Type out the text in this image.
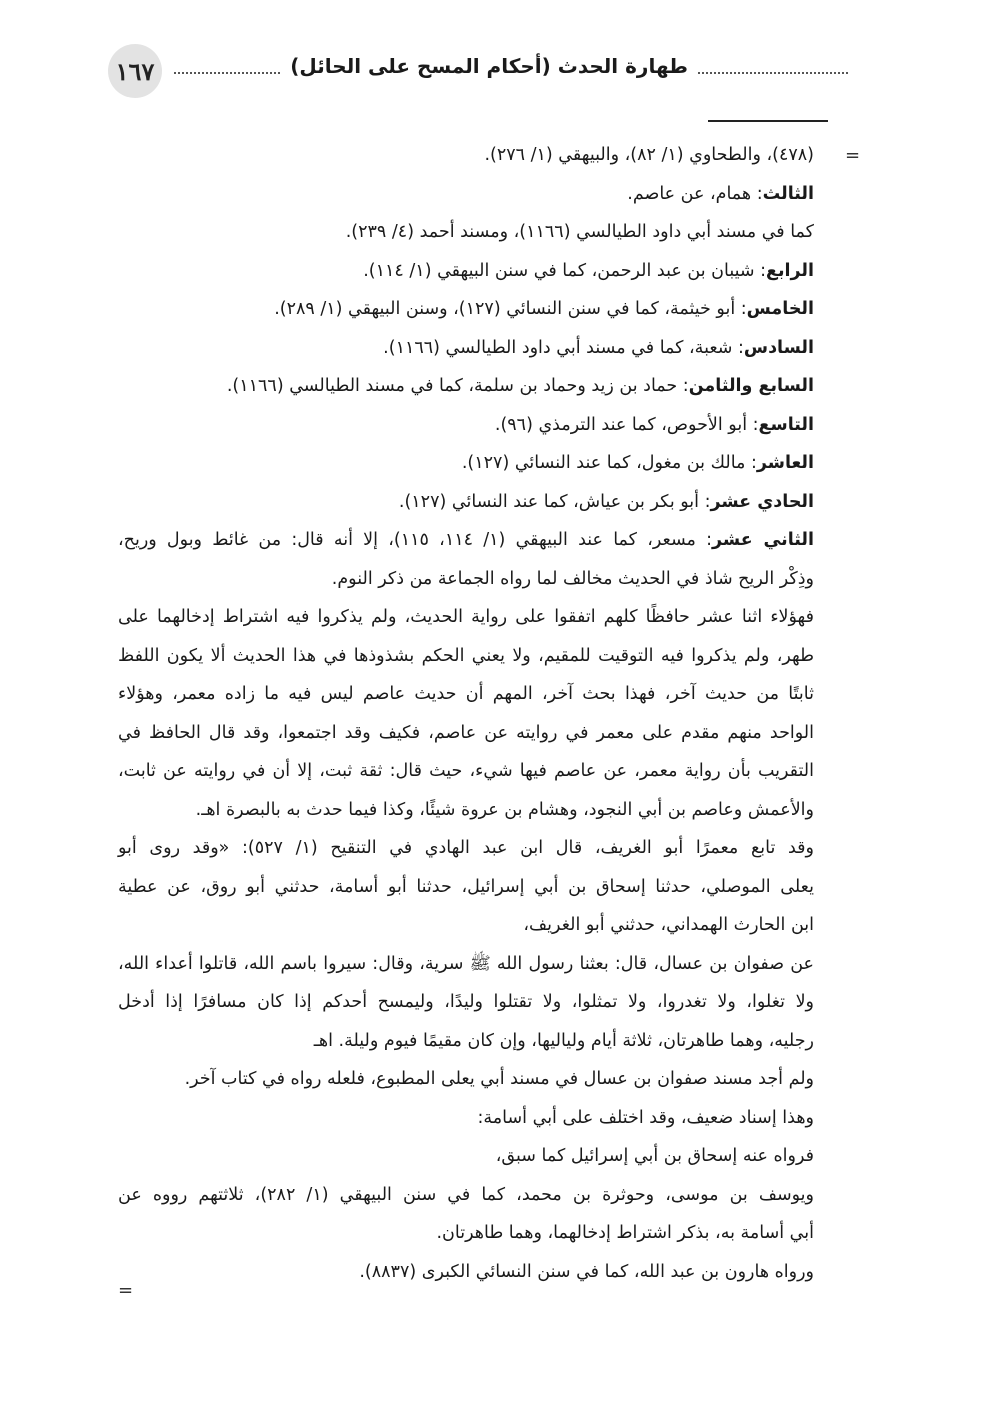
١٦٧	طهارة الحدث (أحكام المسح على الحائل)
=
=
(٤٧٨)، والطحاوي (١/ ٨٢)، والبيهقي (١/ ٢٧٦).
الثالث: همام، عن عاصم.
كما في مسند أبي داود الطيالسي (١١٦٦)، ومسند أحمد (٤/ ٢٣٩).
الرابع: شيبان بن عبد الرحمن، كما في سنن البيهقي (١/ ١١٤).
الخامس: أبو خيثمة، كما في سنن النسائي (١٢٧)، وسنن البيهقي (١/ ٢٨٩).
السادس: شعبة، كما في مسند أبي داود الطيالسي (١١٦٦).
السابع والثامن: حماد بن زيد وحماد بن سلمة، كما في مسند الطيالسي (١١٦٦).
التاسع: أبو الأحوص، كما عند الترمذي (٩٦).
العاشر: مالك بن مغول، كما عند النسائي (١٢٧).
الحادي عشر: أبو بكر بن عياش، كما عند النسائي (١٢٧).
الثاني عشر: مسعر، كما عند البيهقي (١/ ١١٤، ١١٥)، إلا أنه قال: من غائط وبول وريح،
وذِكْر الريح شاذ في الحديث مخالف لما رواه الجماعة من ذكر النوم.
فهؤلاء اثنا عشر حافظًا كلهم اتفقوا على رواية الحديث، ولم يذكروا فيه اشتراط إدخالهما على
طهر، ولم يذكروا فيه التوقيت للمقيم، ولا يعني الحكم بشذوذها في هذا الحديث ألا يكون اللفظ
ثابتًا من حديث آخر، فهذا بحث آخر، المهم أن حديث عاصم ليس فيه ما زاده معمر، وهؤلاء
الواحد منهم مقدم على معمر في روايته عن عاصم، فكيف وقد اجتمعوا، وقد قال الحافظ في
التقريب بأن رواية معمر، عن عاصم فيها شيء، حيث قال: ثقة ثبت، إلا أن في روايته عن ثابت،
والأعمش وعاصم بن أبي النجود، وهشام بن عروة شيئًا، وكذا فيما حدث به بالبصرة اهـ.
وقد تابع معمرًا أبو الغريف، قال ابن عبد الهادي في التنقيح (١/ ٥٢٧): «وقد روى أبو
يعلى الموصلي، حدثنا إسحاق بن أبي إسرائيل، حدثنا أبو أسامة، حدثني أبو روق، عن عطية
ابن الحارث الهمداني، حدثني أبو الغريف،
عن صفوان بن عسال، قال: بعثنا رسول الله ﷺ سرية، وقال: سيروا باسم الله، قاتلوا أعداء الله،
ولا تغلوا، ولا تغدروا، ولا تمثلوا، ولا تقتلوا وليدًا، وليمسح أحدكم إذا كان مسافرًا إذا أدخل
رجليه، وهما طاهرتان، ثلاثة أيام ولياليها، وإن كان مقيمًا فيوم وليلة. اهـ
ولم أجد مسند صفوان بن عسال في مسند أبي يعلى المطبوع، فلعله رواه في كتاب آخر.
وهذا إسناد ضعيف، وقد اختلف على أبي أسامة:
فرواه عنه إسحاق بن أبي إسرائيل كما سبق،
ويوسف بن موسى، وحوثرة بن محمد، كما في سنن البيهقي (١/ ٢٨٢)، ثلاثتهم رووه عن
أبي أسامة به، بذكر اشتراط إدخالهما، وهما طاهرتان.
ورواه هارون بن عبد الله، كما في سنن النسائي الكبرى (٨٨٣٧).
